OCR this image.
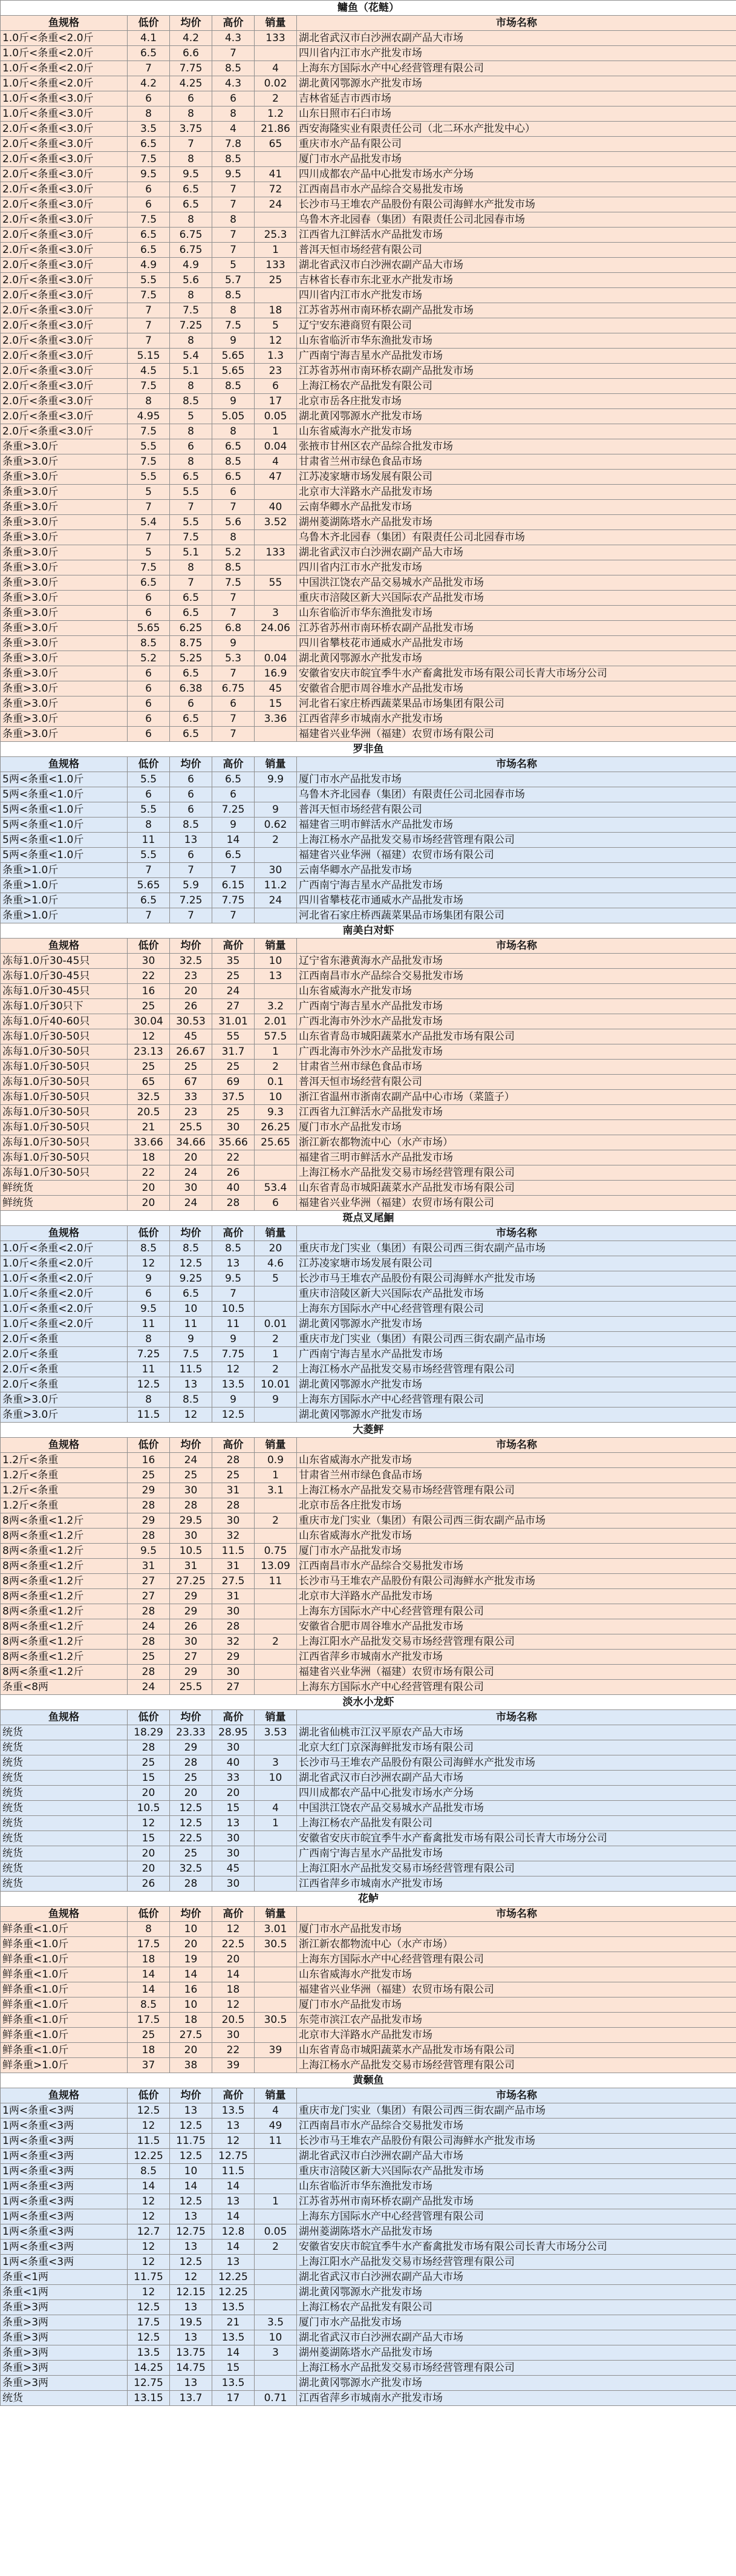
鳙鱼（花鲢）					
鱼规格	低价	均价	高价	销量	市场名称
1.0斤<条重<2.0斤	4.1	4.2	4.3	133	湖北省武汉市白沙洲农副产品大市场
1.0斤<条重<2.0斤	6.5	6.6	7		四川省内江市水产批发市场
1.0斤<条重<2.0斤	7	7.75	8.5	4	上海东方国际水产中心经营管理有限公司
1.0斤<条重<2.0斤	4.2	4.25	4.3	0.02	湖北黄冈鄂源水产批发市场
1.0斤<条重<3.0斤	6	6	6	2	吉林省延吉市西市场
1.0斤<条重<3.0斤	8	8	8	1.2	山东日照市石臼市场
2.0斤<条重<3.0斤	3.5	3.75	4	21.86	西安海隆实业有限责任公司（北二环水产批发中心）
2.0斤<条重<3.0斤	6.5	7	7.8	65	重庆市水产品有限公司
2.0斤<条重<3.0斤	7.5	8	8.5		厦门市水产品批发市场
2.0斤<条重<3.0斤	9.5	9.5	9.5	41	四川成都农产品中心批发市场水产分场
2.0斤<条重<3.0斤	6	6.5	7	72	江西南昌市水产品综合交易批发市场
2.0斤<条重<3.0斤	6	6.5	7	24	长沙市马王堆农产品股份有限公司海鲜水产批发市场
2.0斤<条重<3.0斤	7.5	8	8		乌鲁木齐北园春（集团）有限责任公司北园春市场
2.0斤<条重<3.0斤	6.5	6.75	7	25.3	江西省九江鲜活水产品批发市场
2.0斤<条重<3.0斤	6.5	6.75	7	1	普洱天恒市场经营有限公司
2.0斤<条重<3.0斤	4.9	4.9	5	133	湖北省武汉市白沙洲农副产品大市场
2.0斤<条重<3.0斤	5.5	5.6	5.7	25	吉林省长春市东北亚水产批发市场
2.0斤<条重<3.0斤	7.5	8	8.5		四川省内江市水产批发市场
2.0斤<条重<3.0斤	7	7.5	8	18	江苏省苏州市南环桥农副产品批发市场
2.0斤<条重<3.0斤	7	7.25	7.5	5	辽宁安东港商贸有限公司
2.0斤<条重<3.0斤	7	8	9	12	山东省临沂市华东渔批发市场
2.0斤<条重<3.0斤	5.15	5.4	5.65	1.3	广西南宁海吉星水产品批发市场
2.0斤<条重<3.0斤	4.5	5.1	5.65	23	江苏省苏州市南环桥农副产品批发市场
2.0斤<条重<3.0斤	7.5	8	8.5	6	上海江杨农产品批发有限公司
2.0斤<条重<3.0斤	8	8.5	9	17	北京市岳各庄批发市场
2.0斤<条重<3.0斤	4.95	5	5.05	0.05	湖北黄冈鄂源水产批发市场
2.0斤<条重<3.0斤	7.5	8	8	1	山东省威海水产批发市场
条重>3.0斤	5.5	6	6.5	0.04	张掖市甘州区农产品综合批发市场
条重>3.0斤	7.5	8	8.5	4	甘肃省兰州市绿色食品市场
条重>3.0斤	5.5	6.5	6.5	47	江苏凌家塘市场发展有限公司
条重>3.0斤	5	5.5	6		北京市大洋路水产品批发市场
条重>3.0斤	7	7	7	40	云南华卿水产品批发市场
条重>3.0斤	5.4	5.5	5.6	3.52	湖州菱湖陈塔水产品批发市场
条重>3.0斤	7	7.5	8		乌鲁木齐北园春（集团）有限责任公司北园春市场
条重>3.0斤	5	5.1	5.2	133	湖北省武汉市白沙洲农副产品大市场
条重>3.0斤	7.5	8	8.5		四川省内江市水产批发市场
条重>3.0斤	6.5	7	7.5	55	中国洪江饶农产品交易城水产品批发市场
条重>3.0斤	6	6.5	7		重庆市涪陵区新大兴国际农产品批发市场
条重>3.0斤	6	6.5	7	3	山东省临沂市华东渔批发市场
条重>3.0斤	5.65	6.25	6.8	24.06	江苏省苏州市南环桥农副产品批发市场
条重>3.0斤	8.5	8.75	9		四川省攀枝花市通威水产品批发市场
条重>3.0斤	5.2	5.25	5.3	0.04	湖北黄冈鄂源水产批发市场
条重>3.0斤	6	6.5	7	16.9	安徽省安庆市皖宜季牛水产畜禽批发市场有限公司长青大市场分公司
条重>3.0斤	6	6.38	6.75	45	安徽省合肥市周谷堆水产品批发市场
条重>3.0斤	6	6	6	15	河北省石家庄桥西蔬菜果品市场集团有限公司
条重>3.0斤	6	6.5	7	3.36	江西省萍乡市城南水产批发市场
条重>3.0斤	6	6.5	7		福建省兴业华洲（福建）农贸市场有限公司
罗非鱼					
鱼规格	低价	均价	高价	销量	市场名称
5两<条重<1.0斤	5.5	6	6.5	9.9	厦门市水产品批发市场
5两<条重<1.0斤	6	6	6		乌鲁木齐北园春（集团）有限责任公司北园春市场
5两<条重<1.0斤	5.5	6	7.25	9	普洱天恒市场经营有限公司
5两<条重<1.0斤	8	8.5	9	0.62	福建省三明市鲜活水产品批发市场
5两<条重<1.0斤	11	13	14	2	上海江杨水产品批发交易市场经营管理有限公司
5两<条重<1.0斤	5.5	6	6.5		福建省兴业华洲（福建）农贸市场有限公司
条重>1.0斤	7	7	7	30	云南华卿水产品批发市场
条重>1.0斤	5.65	5.9	6.15	11.2	广西南宁海吉星水产品批发市场
条重>1.0斤	6.5	7.25	7.75	24	四川省攀枝花市通威水产品批发市场
条重>1.0斤	7	7	7		河北省石家庄桥西蔬菜果品市场集团有限公司
南美白对虾					
鱼规格	低价	均价	高价	销量	市场名称
冻每1.0斤30-45只	30	32.5	35	10	辽宁省东港黄海水产品批发市场
冻每1.0斤30-45只	22	23	25	13	江西南昌市水产品综合交易批发市场
冻每1.0斤30-45只	16	20	24		山东省威海水产批发市场
冻每1.0斤30只下	25	26	27	3.2	广西南宁海吉星水产品批发市场
冻每1.0斤40-60只	30.04	30.53	31.01	2.01	广西北海市外沙水产品批发市场
冻每1.0斤30-50只	12	45	55	57.5	山东省青岛市城阳蔬菜水产品批发市场有限公司
冻每1.0斤30-50只	23.13	26.67	31.7	1	广西北海市外沙水产品批发市场
冻每1.0斤30-50只	25	25	25	2	甘肃省兰州市绿色食品市场
冻每1.0斤30-50只	65	67	69	0.1	普洱天恒市场经营有限公司
冻每1.0斤30-50只	32.5	33	37.5	10	浙江省温州市浙南农副产品中心市场（菜篮子）
冻每1.0斤30-50只	20.5	23	25	9.3	江西省九江鲜活水产品批发市场
冻每1.0斤30-50只	21	25.5	30	26.25	厦门市水产品批发市场
冻每1.0斤30-50只	33.66	34.66	35.66	25.65	浙江新农都物流中心（水产市场）
冻每1.0斤30-50只	18	20	22		福建省三明市鲜活水产品批发市场
冻每1.0斤30-50只	22	24	26		上海江杨水产品批发交易市场经营管理有限公司
鲜统货	20	30	40	53.4	山东省青岛市城阳蔬菜水产品批发市场有限公司
鲜统货	20	24	28	6	福建省兴业华洲（福建）农贸市场有限公司
斑点叉尾鮰					
鱼规格	低价	均价	高价	销量	市场名称
1.0斤<条重<2.0斤	8.5	8.5	8.5	20	重庆市龙门实业（集团）有限公司西三街农副产品市场
1.0斤<条重<2.0斤	12	12.5	13	4.6	江苏凌家塘市场发展有限公司
1.0斤<条重<2.0斤	9	9.25	9.5	5	长沙市马王堆农产品股份有限公司海鲜水产批发市场
1.0斤<条重<2.0斤	6	6.5	7		重庆市涪陵区新大兴国际农产品批发市场
1.0斤<条重<2.0斤	9.5	10	10.5		上海东方国际水产中心经营管理有限公司
1.0斤<条重<2.0斤	11	11	11	0.01	湖北黄冈鄂源水产批发市场
2.0斤<条重	8	9	9	2	重庆市龙门实业（集团）有限公司西三街农副产品市场
2.0斤<条重	7.25	7.5	7.75	1	广西南宁海吉星水产品批发市场
2.0斤<条重	11	11.5	12	2	上海江杨水产品批发交易市场经营管理有限公司
2.0斤<条重	12.5	13	13.5	10.01	湖北黄冈鄂源水产批发市场
条重>3.0斤	8	8.5	9	9	上海东方国际水产中心经营管理有限公司
条重>3.0斤	11.5	12	12.5		湖北黄冈鄂源水产批发市场
大菱鲆					
鱼规格	低价	均价	高价	销量	市场名称
1.2斤<条重	16	24	28	0.9	山东省威海水产批发市场
1.2斤<条重	25	25	25	1	甘肃省兰州市绿色食品市场
1.2斤<条重	29	30	31	3.1	上海江杨水产品批发交易市场经营管理有限公司
1.2斤<条重	28	28	28		北京市岳各庄批发市场
8两<条重<1.2斤	29	29.5	30	2	重庆市龙门实业（集团）有限公司西三街农副产品市场
8两<条重<1.2斤	28	30	32		山东省威海水产批发市场
8两<条重<1.2斤	9.5	10.5	11.5	0.75	厦门市水产品批发市场
8两<条重<1.2斤	31	31	31	13.09	江西南昌市水产品综合交易批发市场
8两<条重<1.2斤	27	27.25	27.5	11	长沙市马王堆农产品股份有限公司海鲜水产批发市场
8两<条重<1.2斤	27	29	31		北京市大洋路水产品批发市场
8两<条重<1.2斤	28	29	30		上海东方国际水产中心经营管理有限公司
8两<条重<1.2斤	24	26	28		安徽省合肥市周谷堆水产品批发市场
8两<条重<1.2斤	28	30	32	2	上海江阳水产品批发交易市场经营管理有限公司
8两<条重<1.2斤	25	27	29		江西省萍乡市城南水产批发市场
8两<条重<1.2斤	28	29	30		福建省兴业华洲（福建）农贸市场有限公司
条重<8两	24	25.5	27		上海东方国际水产中心经营管理有限公司
淡水小龙虾					
鱼规格	低价	均价	高价	销量	市场名称
统货	18.29	23.33	28.95	3.53	湖北省仙桃市江汉平原农产品大市场
统货	28	29	30		北京大红门京深海鲜批发市场有限公司
统货	25	28	40	3	长沙市马王堆农产品股份有限公司海鲜水产批发市场
统货	15	25	33	10	湖北省武汉市白沙洲农副产品大市场
统货	20	20	20		四川成都农产品中心批发市场水产分场
统货	10.5	12.5	15	4	中国洪江饶农产品交易城水产品批发市场
统货	12	12.5	13	1	上海江杨农产品批发有限公司
统货	15	22.5	30		安徽省安庆市皖宜季牛水产畜禽批发市场有限公司长青大市场分公司
统货	20	25	30		广西南宁海吉星水产品批发市场
统货	20	32.5	45		上海江阳水产品批发交易市场经营管理有限公司
统货	26	28	30		江西省萍乡市城南水产批发市场
花鲈					
鱼规格	低价	均价	高价	销量	市场名称
鲜条重<1.0斤	8	10	12	3.01	厦门市水产品批发市场
鲜条重<1.0斤	17.5	20	22.5	30.5	浙江新农都物流中心（水产市场）
鲜条重<1.0斤	18	19	20		上海东方国际水产中心经营管理有限公司
鲜条重<1.0斤	14	14	14		山东省威海水产批发市场
鲜条重<1.0斤	14	16	18		福建省兴业华洲（福建）农贸市场有限公司
鲜条重<1.0斤	8.5	10	12		厦门市水产品批发市场
鲜条重<1.0斤	17.5	18	20.5	30.5	东莞市滨江农产品批发市场
鲜条重<1.0斤	25	27.5	30		北京市大洋路水产品批发市场
鲜条重<1.0斤	18	20	22	39	山东省青岛市城阳蔬菜水产品批发市场有限公司
鲜条重>1.0斤	37	38	39		上海江杨水产品批发交易市场经营管理有限公司
黄颡鱼					
鱼规格	低价	均价	高价	销量	市场名称
1两<条重<3两	12.5	13	13.5	4	重庆市龙门实业（集团）有限公司西三街农副产品市场
1两<条重<3两	12	12.5	13	49	江西南昌市水产品综合交易批发市场
1两<条重<3两	11.5	11.75	12	11	长沙市马王堆农产品股份有限公司海鲜水产批发市场
1两<条重<3两	12.25	12.5	12.75		湖北省武汉市白沙洲农副产品大市场
1两<条重<3两	8.5	10	11.5		重庆市涪陵区新大兴国际农产品批发市场
1两<条重<3两	14	14	14		山东省临沂市华东渔批发市场
1两<条重<3两	12	12.5	13	1	江苏省苏州市南环桥农副产品批发市场
1两<条重<3两	12	13	14		上海东方国际水产中心经营管理有限公司
1两<条重<3两	12.7	12.75	12.8	0.05	湖州菱湖陈塔水产品批发市场
1两<条重<3两	12	13	14	2	安徽省安庆市皖宜季牛水产畜禽批发市场有限公司长青大市场分公司
1两<条重<3两	12	12.5	13		上海江阳水产品批发交易市场经营管理有限公司
条重<1两	11.75	12	12.25		湖北省武汉市白沙洲农副产品大市场
条重<1两	12	12.15	12.25		湖北黄冈鄂源水产批发市场
条重>3两	12.5	13	13.5		上海江杨农产品批发有限公司
条重>3两	17.5	19.5	21	3.5	厦门市水产品批发市场
条重>3两	12.5	13	13.5	10	湖北省武汉市白沙洲农副产品大市场
条重>3两	13.5	13.75	14	3	湖州菱湖陈塔水产品批发市场
条重>3两	14.25	14.75	15		上海江杨水产品批发交易市场经营管理有限公司
条重>3两	12.75	13	13.5		湖北黄冈鄂源水产批发市场
统货	13.15	13.7	17	0.71	江西省萍乡市城南水产批发市场
